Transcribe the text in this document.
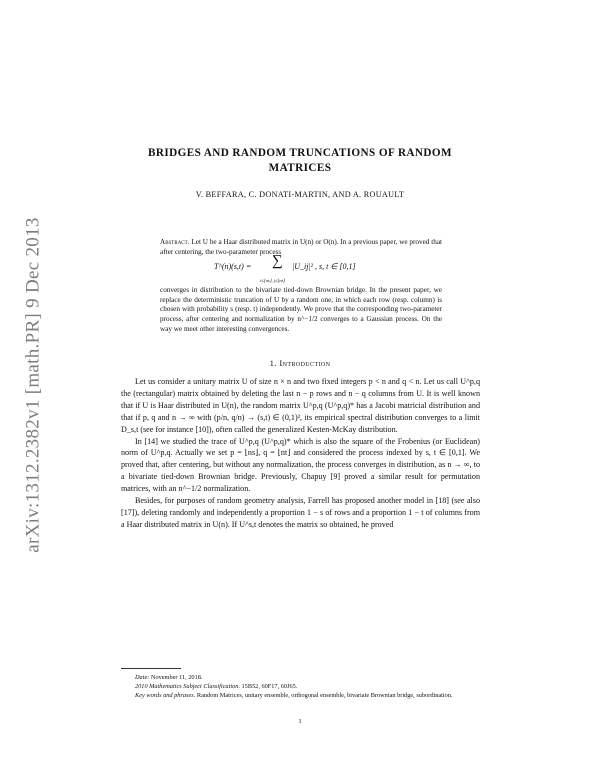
arXiv:1312.2382v1 [math.PR] 9 Dec 2013
BRIDGES AND RANDOM TRUNCATIONS OF RANDOM MATRICES
V. BEFFARA, C. DONATI-MARTIN, AND A. ROUAULT

Abstract. Let U be a Haar distributed matrix in U(n) or O(n). In a previous paper, we proved that after centering, the two-parameter process

T^(n)(s,t) = ∑
i≤⌊ns⌋, j≤⌊nt⌋
|U_ij|² , s, t ∈ [0,1]

converges in distribution to the bivariate tied-down Brownian bridge. In the present paper, we replace the deterministic truncation of U by a random one, in which each row (resp. column) is chosen with probability s (resp. t) independently. We prove that the corresponding two-parameter process, after centering and normalization by n^−1/2 converges to a Gaussian process. On the way we meet other interesting convergences.

1. Introduction

Let us consider a unitary matrix U of size n × n and two fixed integers p < n and q < n. Let us call U^p,q the (rectangular) matrix obtained by deleting the last n − p rows and n − q columns from U. It is well known that if U is Haar distributed in U(n), the random matrix U^p,q (U^p,q)* has a Jacobi matricial distribution and that if p, q and n → ∞ with (p/n, q/n) → (s,t) ∈ (0,1)², its empirical spectral distribution converges to a limit D_s,t (see for instance [10]), often called the generalized Kesten-McKay distribution.

In [14] we studied the trace of U^p,q (U^p,q)* which is also the square of the Frobenius (or Euclidean) norm of U^p,q. Actually we set p = ⌊ns⌋, q = ⌊nt⌋ and considered the process indexed by s, t ∈ [0,1]. We proved that, after centering, but without any normalization, the process converges in distribution, as n → ∞, to a bivariate tied-down Brownian bridge. Previously, Chapuy [9] proved a similar result for permutation matrices, with an n^−1/2 normalization.

Besides, for purposes of random geometry analysis, Farrell has proposed another model in [18] (see also [17]), deleting randomly and independently a proportion 1 − s of rows and a proportion 1 − t of columns from a Haar distributed matrix in U(n). If U^s,t denotes the matrix so obtained, he proved

Date: November 11, 2018.

2010 Mathematics Subject Classification. 15B52, 60F17, 60J65.

Key words and phrases. Random Matrices, unitary ensemble, orthogonal ensemble, bivariate Brownian bridge, subordination.

1
